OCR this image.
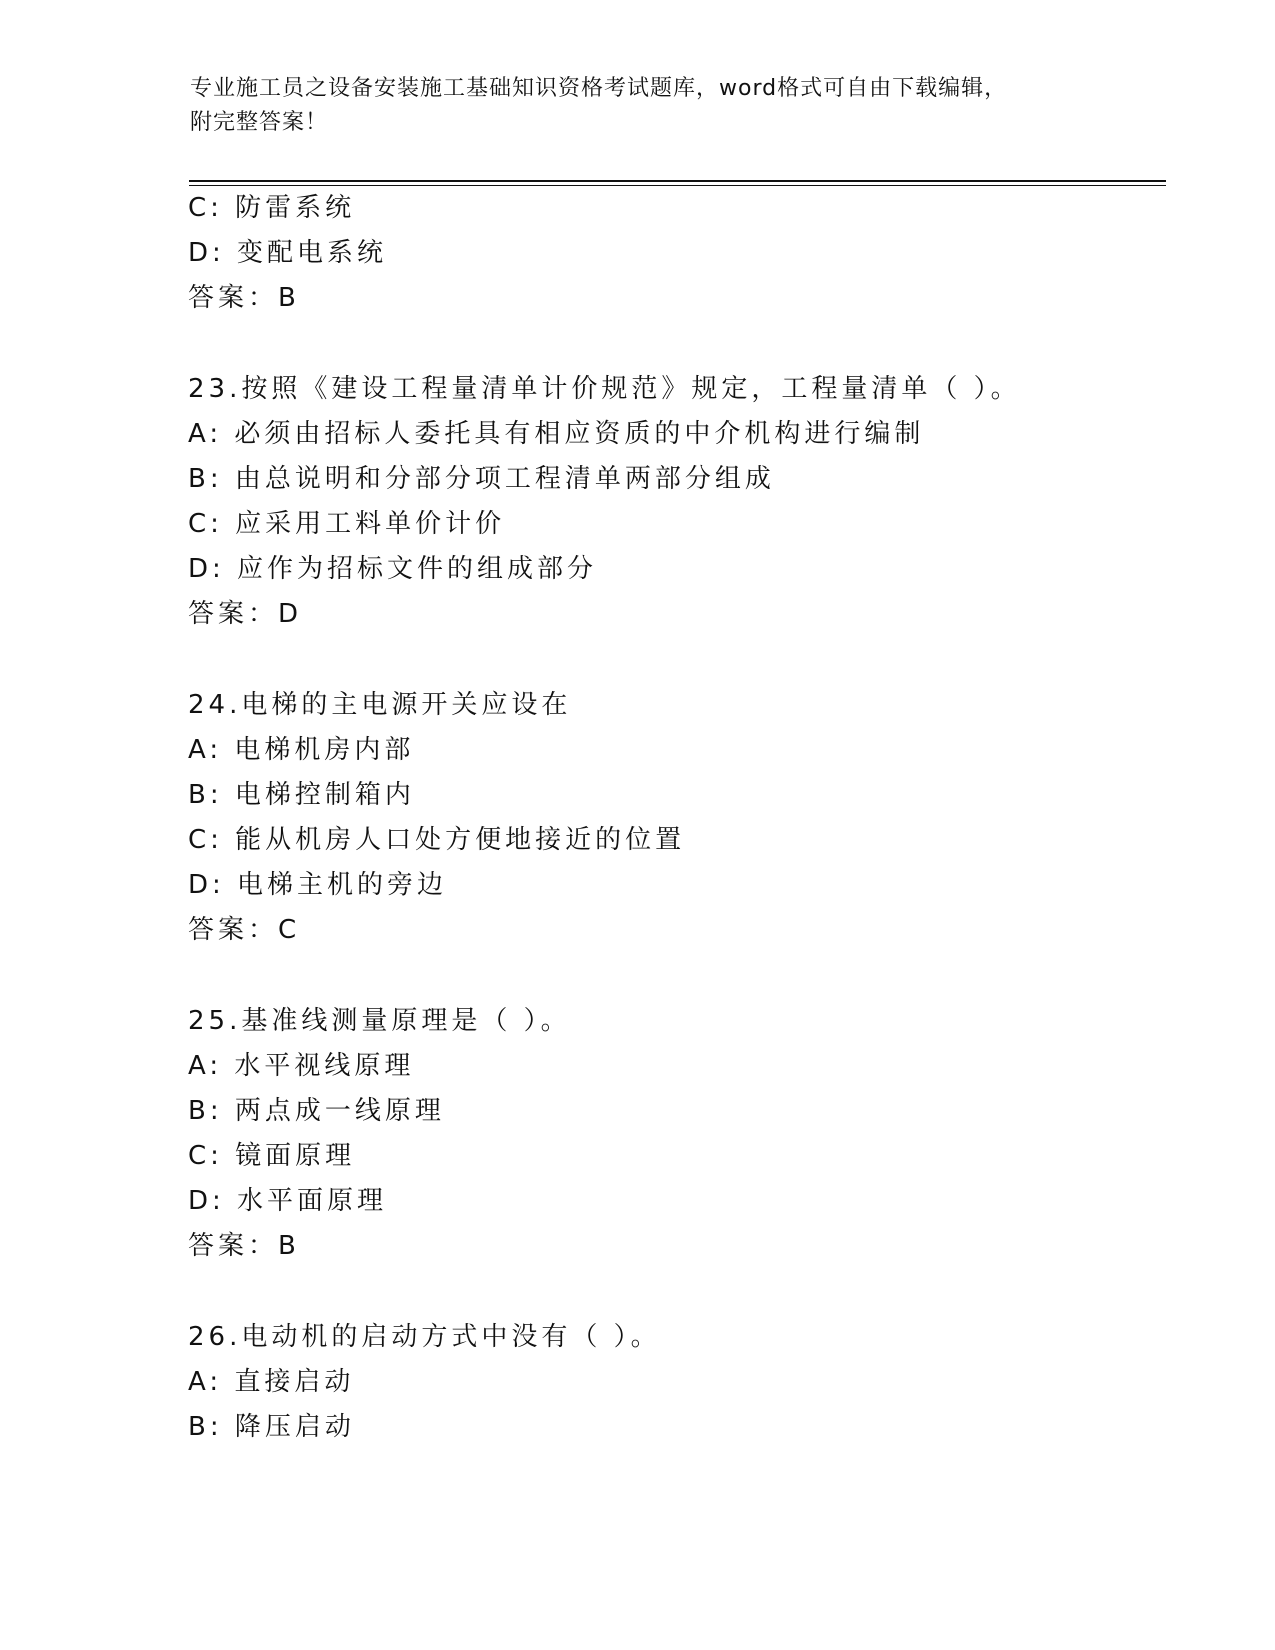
专业施工员之设备安装施工基础知识资格考试题库，word格式可自由下载编辑，
附完整答案！
C: 防雷系统
D: 变配电系统
答案：B
23.按照《建设工程量清单计价规范》规定，工程量清单（ ）。
A: 必须由招标人委托具有相应资质的中介机构进行编制
B: 由总说明和分部分项工程清单两部分组成
C: 应采用工料单价计价
D: 应作为招标文件的组成部分
答案：D
24.电梯的主电源开关应设在
A: 电梯机房内部
B: 电梯控制箱内
C: 能从机房人口处方便地接近的位置
D: 电梯主机的旁边
答案：C
25.基准线测量原理是（ ）。
A: 水平视线原理
B: 两点成一线原理
C: 镜面原理
D: 水平面原理
答案：B
26.电动机的启动方式中没有（ ）。
A: 直接启动
B: 降压启动
